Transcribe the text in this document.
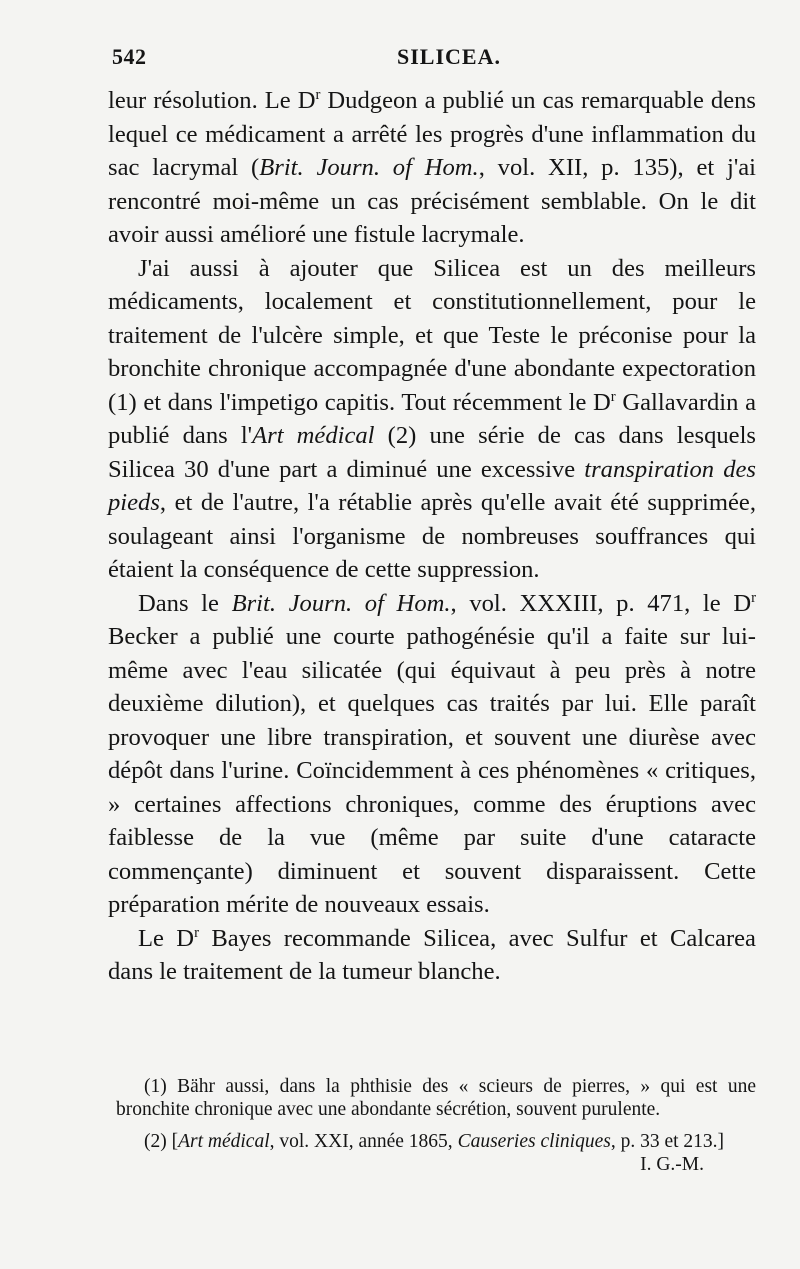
542	SILICEA.

leur résolution. Le $D^r$ Dudgeon a publié un cas remarquable dens lequel ce médicament a arrêté les progrès d'une inflammation du sac lacrymal (Brit. Journ. of Hom., vol. XII, p. 135), et j'ai rencontré moi-même un cas précisément semblable. On le dit avoir aussi amélioré une fistule lacrymale.

J'ai aussi à ajouter que Silicea est un des meilleurs médicaments, localement et constitutionnellement, pour le traitement de l'ulcère simple, et que Teste le préconise pour la bronchite chronique accompagnée d'une abondante expectoration (1) et dans l'impetigo capitis. Tout récemment le $D^r$ Gallavardin a publié dans l'Art médical (2) une série de cas dans lesquels Silicea 30 d'une part a diminué une excessive transpiration des pieds, et de l'autre, l'a rétablie après qu'elle avait été supprimée, soulageant ainsi l'organisme de nombreuses souffrances qui étaient la conséquence de cette suppression.

Dans le Brit. Journ. of Hom., vol. XXXIII, p. 471, le $D^r$ Becker a publié une courte pathogénésie qu'il a faite sur lui-même avec l'eau silicatée (qui équivaut à peu près à notre deuxième dilution), et quelques cas traités par lui. Elle paraît provoquer une libre transpiration, et souvent une diurèse avec dépôt dans l'urine. Coïncidemment à ces phénomènes « critiques, » certaines affections chroniques, comme des éruptions avec faiblesse de la vue (même par suite d'une cataracte commençante) diminuent et souvent disparaissent. Cette préparation mérite de nouveaux essais.

Le $D^r$ Bayes recommande Silicea, avec Sulfur et Calcarea dans le traitement de la tumeur blanche.

(1) Bähr aussi, dans la phthisie des « scieurs de pierres, » qui est une bronchite chronique avec une abondante sécrétion, souvent purulente.

(2) [Art médical, vol. XXI, année 1865, Causeries cliniques, p. 33 et 213.]
I. G.-M.
